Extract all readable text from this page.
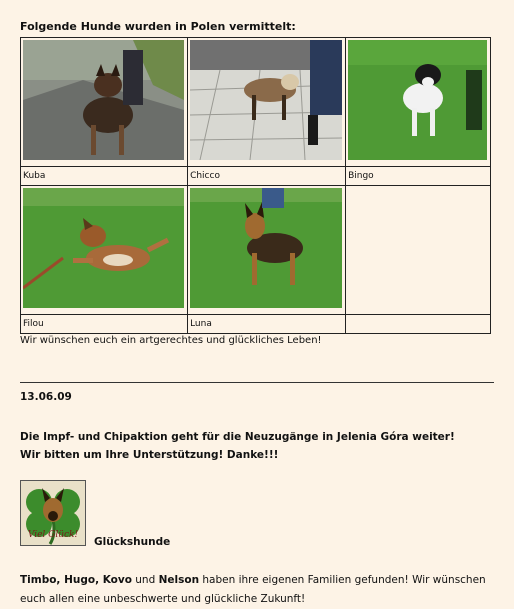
Folgende Hunde wurden in Polen vermittelt:

Kuba	Chicco	Bingo

Filou	Luna	
Wir wünschen euch ein artgerechtes und glückliches Leben!
13.06.09
Die Impf- und Chipaktion geht für die Neuzugänge in Jelenia Góra weiter!
Wir bitten um Ihre Unterstützung! Danke!!!
Viel Glück!
Glückshunde
Timbo, Hugo, Kovo und Nelson haben ihre eigenen Familien gefunden! Wir wünschen euch allen eine unbeschwerte und glückliche Zukunft!
